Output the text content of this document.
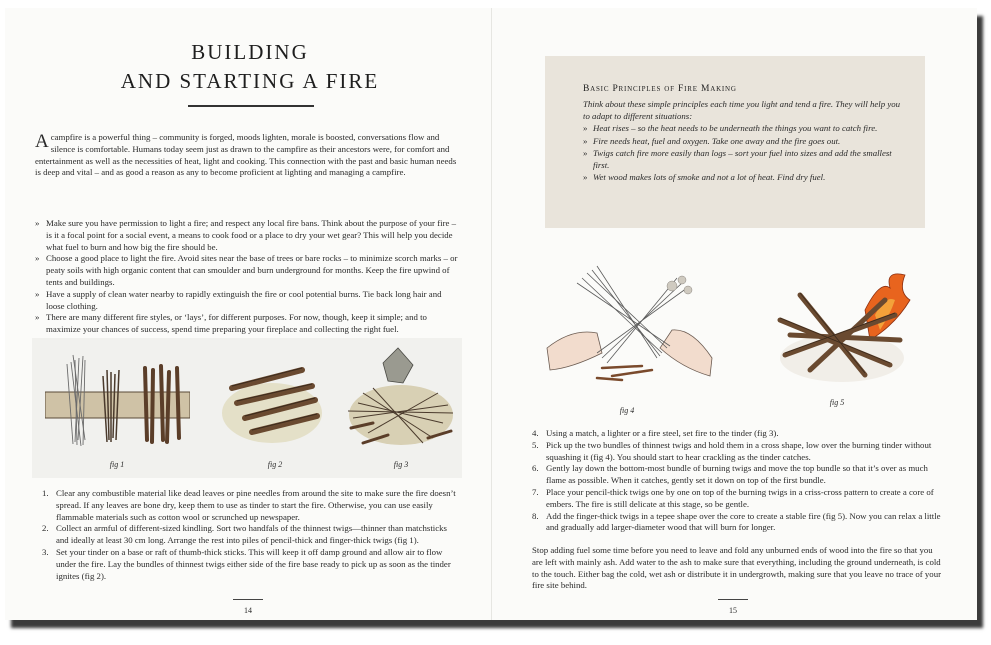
BUILDING
AND STARTING A FIRE
Acampfire is a powerful thing – community is forged, moods lighten, morale is boosted, conversations flow and silence is comfortable. Humans today seem just as drawn to the campfire as their ancestors were, for comfort and entertainment as well as the necessities of heat, light and cooking. This connection with the past and basic human needs is deep and vital – and as good a reason as any to become proficient at lighting and managing a campfire.
» Make sure you have permission to light a fire; and respect any local fire bans. Think about the purpose of your fire – is it a focal point for a social event, a means to cook food or a place to dry your wet gear? This will help you decide what fuel to burn and how big the fire should be.
» Choose a good place to light the fire. Avoid sites near the base of trees or bare rocks – to minimize scorch marks – or peaty soils with high organic content that can smoulder and burn underground for months. Keep the fire upwind of tents and buildings.
» Have a supply of clean water nearby to rapidly extinguish the fire or cool potential burns. Tie back long hair and loose clothing.
» There are many different fire styles, or ‘lays’, for different purposes. For now, though, keep it simple; and to maximize your chances of success, spend time preparing your fireplace and collecting the right fuel.
fig 1	fig 2	fig 3
1. Clear any combustible material like dead leaves or pine needles from around the site to make sure the fire doesn’t spread. If any leaves are bone dry, keep them to use as tinder to start the fire. Otherwise, you can use easily flammable materials such as cotton wool or scrunched up newspaper.
2. Collect an armful of different-sized kindling. Sort two handfals of the thinnest twigs—thinner than matchsticks and ideally at least 30 cm long. Arrange the rest into piles of pencil-thick and finger-thick twigs (fig 1).
3. Set your tinder on a base or raft of thumb-thick sticks. This will keep it off damp ground and allow air to flow under the fire. Lay the bundles of thinnest twigs either side of the fire base ready to pick up as soon as the tinder ignites (fig 2).
14
Basic Principles of Fire Making
Think about these simple principles each time you light and tend a fire. They will help you to adapt to different situations:
» Heat rises – so the heat needs to be underneath the things you want to catch fire.
» Fire needs heat, fuel and oxygen. Take one away and the fire goes out.
» Twigs catch fire more easily than logs – sort your fuel into sizes and add the smallest first.
» Wet wood makes lots of smoke and not a lot of heat. Find dry fuel.
fig 4
fig 5
4. Using a match, a lighter or a fire steel, set fire to the tinder (fig 3).
5. Pick up the two bundles of thinnest twigs and hold them in a cross shape, low over the burning tinder without squashing it (fig 4). You should start to hear crackling as the tinder catches.
6. Gently lay down the bottom-most bundle of burning twigs and move the top bundle so that it’s over as much flame as possible. When it catches, gently set it down on top of the first bundle.
7. Place your pencil-thick twigs one by one on top of the burning twigs in a criss-cross pattern to create a core of embers. The fire is still delicate at this stage, so be gentle.
8. Add the finger-thick twigs in a tepee shape over the core to create a stable fire (fig 5). Now you can relax a little and gradually add larger-diameter wood that will burn for longer.

Stop adding fuel some time before you need to leave and fold any unburned ends of wood into the fire so that you are left with mainly ash. Add water to the ash to make sure that everything, including the ground underneath, is cold to the touch. Either bag the cold, wet ash or distribute it in undergrowth, making sure that you leave no trace of your fire site behind.

15
